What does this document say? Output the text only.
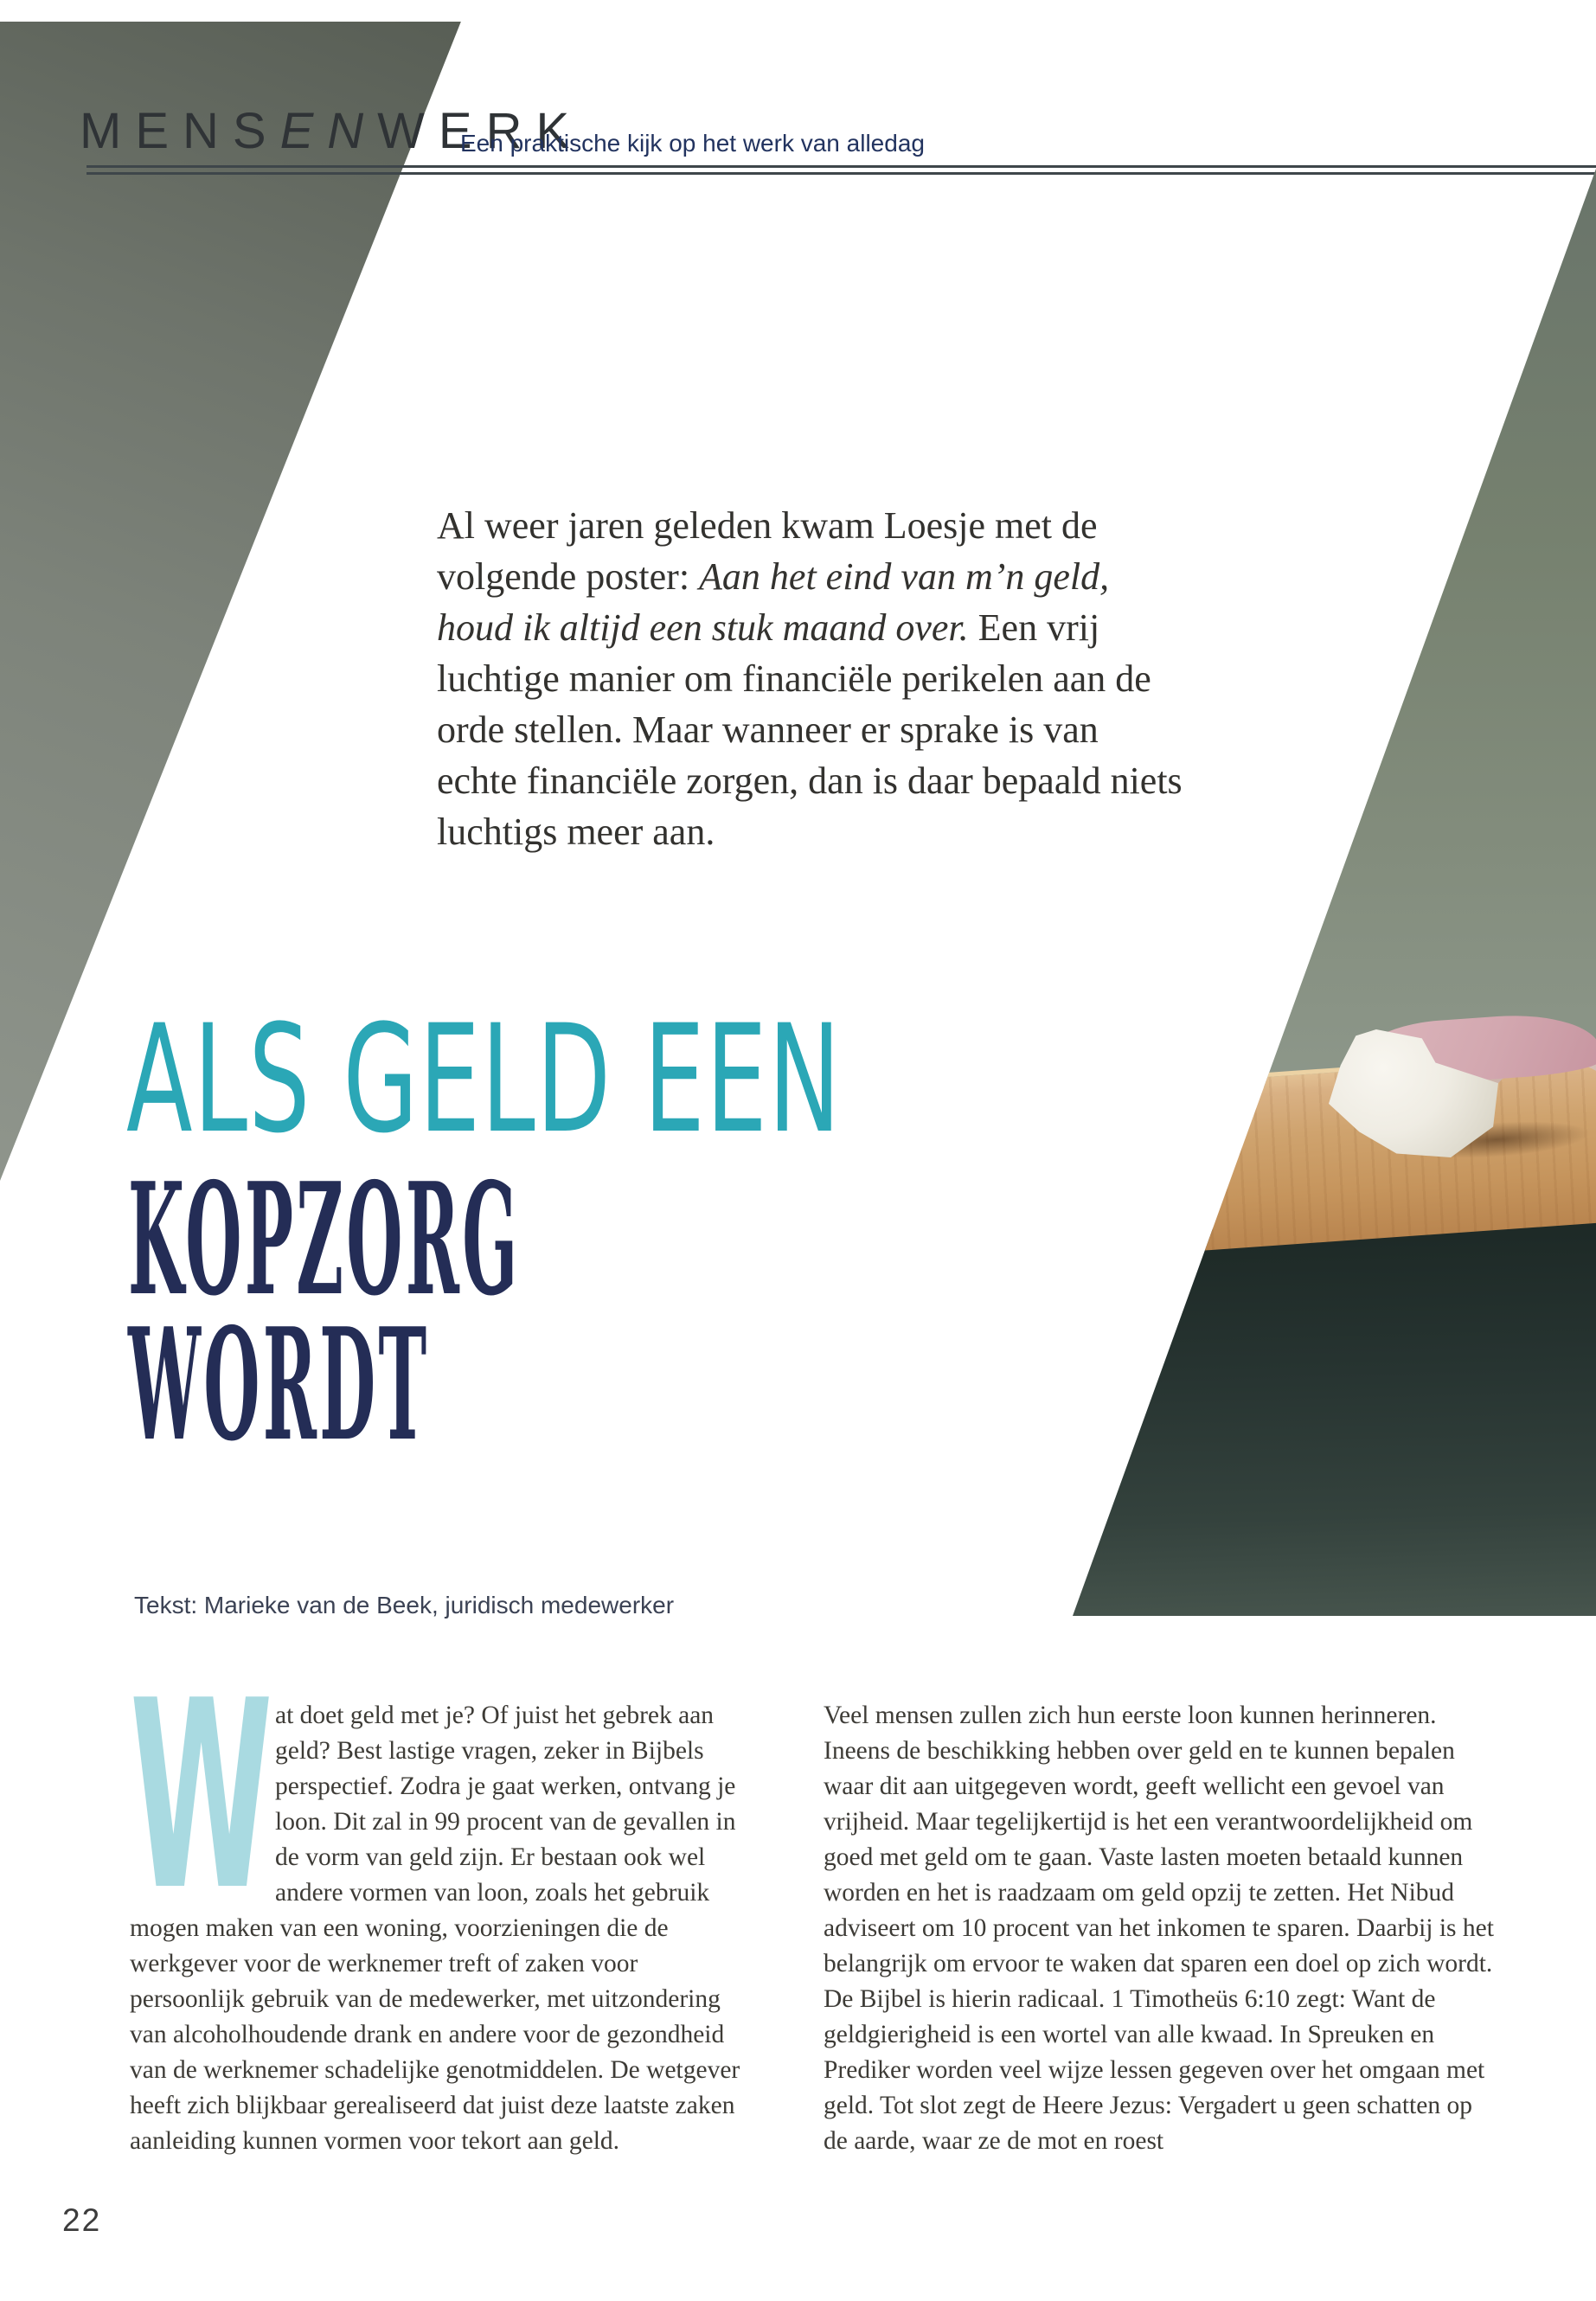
MENSENWERK
Een praktische kijk op het werk van alledag

Al weer jaren geleden kwam Loesje met de volgende poster: Aan het eind van m’n geld, houd ik altijd een stuk maand over. Een vrij luchtige manier om financiële perikelen aan de orde stellen. Maar wanneer er sprake is van echte financiële zorgen, dan is daar bepaald niets luchtigs meer aan.

ALS GELD EEN
KOPZORG
WORDT
Tekst: Marieke van de Beek, juridisch medewerker
W at doet geld met je? Of juist het gebrek aan geld? Best lastige vragen, zeker in Bijbels perspectief. Zodra je gaat werken, ontvang je loon. Dit zal in 99 procent van de gevallen in de vorm van geld zijn. Er bestaan ook wel andere vormen van loon, zoals het gebruik mogen maken van een woning, voorzieningen die de werkgever voor de werknemer treft of zaken voor persoonlijk gebruik van de medewerker, met uitzondering van alcoholhoudende drank en andere voor de gezondheid van de werknemer schadelijke genotmiddelen. De wetgever heeft zich blijkbaar gerealiseerd dat juist deze laatste zaken aanleiding kunnen vormen voor tekort aan geld.
Veel mensen zullen zich hun eerste loon kunnen herinneren. Ineens de beschikking hebben over geld en te kunnen bepalen waar dit aan uitgegeven wordt, geeft wellicht een gevoel van vrijheid. Maar tegelijkertijd is het een verantwoordelijkheid om goed met geld om te gaan. Vaste lasten moeten betaald kunnen worden en het is raadzaam om geld opzij te zetten. Het Nibud adviseert om 10 procent van het inkomen te sparen. Daarbij is het belangrijk om ervoor te waken dat sparen een doel op zich wordt. De Bijbel is hierin radicaal. 1 Timotheüs 6:10 zegt: Want de geldgierigheid is een wortel van alle kwaad. In Spreuken en Prediker worden veel wijze lessen gegeven over het omgaan met geld. Tot slot zegt de Heere Jezus: Vergadert u geen schatten op de aarde, waar ze de mot en roest
22
